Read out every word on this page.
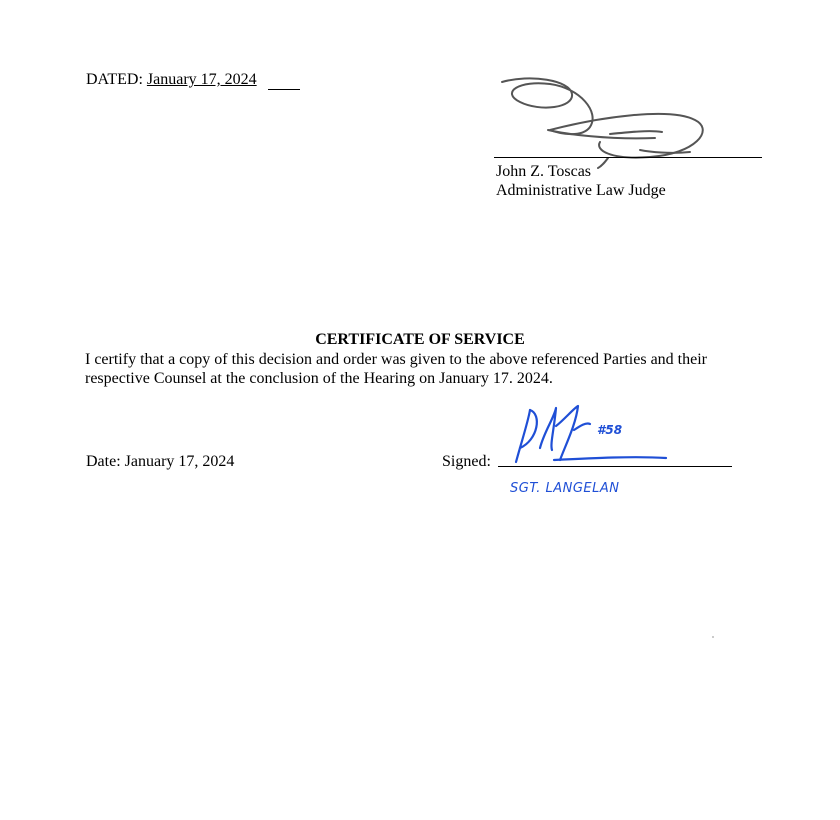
DATED: January 17, 2024
John Z. Toscas
Administrative Law Judge
CERTIFICATE OF SERVICE
I certify that a copy of this decision and order was given to the above referenced Parties and their respective Counsel at the conclusion of the Hearing on January 17. 2024.
Date: January 17, 2024	Signed:
#58
SGT. LANGELAN
